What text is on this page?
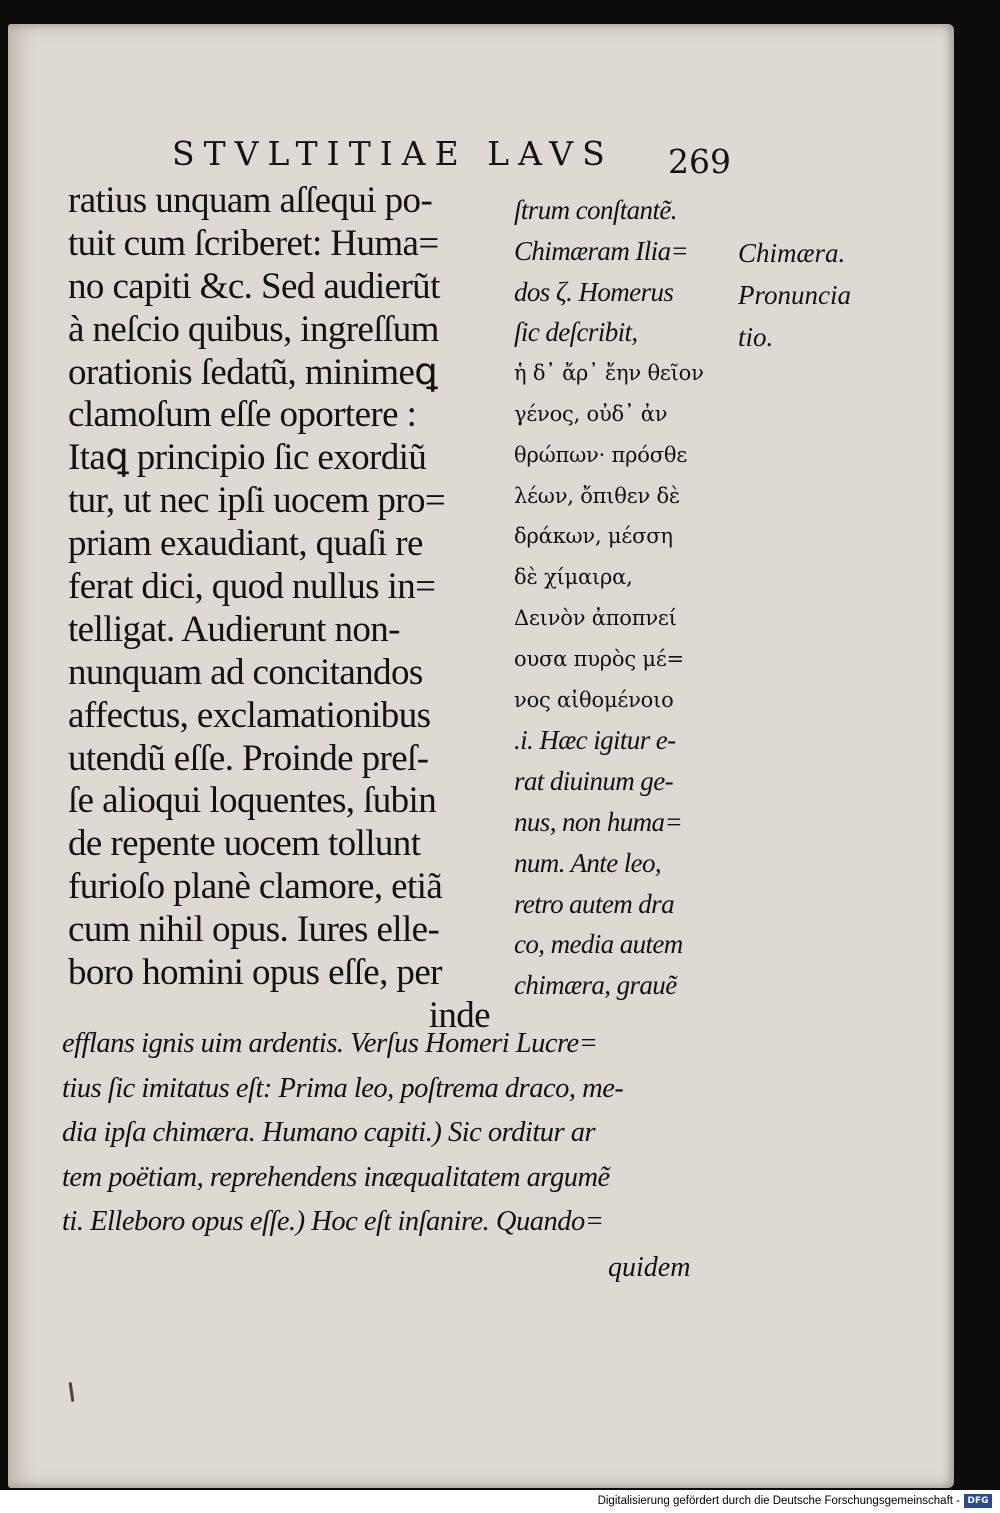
STVLTITIAE LAVS 269
ratius unquam aſſequi po-
tuit cum ſcriberet: Huma=
no capiti &c. Sed audierũt
à neſcio quibus, ingreſſum
orationis ſedatũ, minimeꝗ
clamoſum eſſe oportere :
Itaꝗ principio ſic exordiũ
tur, ut nec ipſi uocem pro=
priam exaudiant, quaſi re
ferat dici, quod nullus in=
telligat. Audierunt non-
nunquam ad concitandos
affectus, exclamationibus
utendũ eſſe. Proinde preſ-
ſe alioqui loquentes, ſubin
de repente uocem tollunt
furioſo planè clamore, etiã
cum nihil opus. Iures elle-
boro homini opus eſſe, per
inde
ſtrum conſtantẽ.
Chimæram Ilia=
dos ζ. Homerus
ſic deſcribit,
ἡ δ᾽ ἄρ᾽ ἔην θεῖον
γένος, οὐδ᾽ ἀν
θρώπων· πρόσθε
λέων, ὄπιθεν δὲ
δράκων, μέσση
δὲ χίμαιρα,
Δεινὸν ἀποπνεί
ουσα πυρὸς μέ=
νος αἰθομένοιο
.i. Hæc igitur e-
rat diuinum ge-
nus, non huma=
num. Ante leo,
retro autem dra
co, media autem
chimæra, grauẽ
Chimæra.
Pronuncia
tio.
efflans ignis uim ardentis. Verſus Homeri Lucre=
tius ſic imitatus eſt: Prima leo, poſtrema draco, me-
dia ipſa chimæra. Humano capiti.) Sic orditur ar
tem poëtiam, reprehendens inæqualitatem argumẽ
ti. Elleboro opus eſſe.) Hoc eſt inſanire. Quando=
quidem
Digitalisierung gefördert durch die Deutsche Forschungsgemeinschaft - DFG
